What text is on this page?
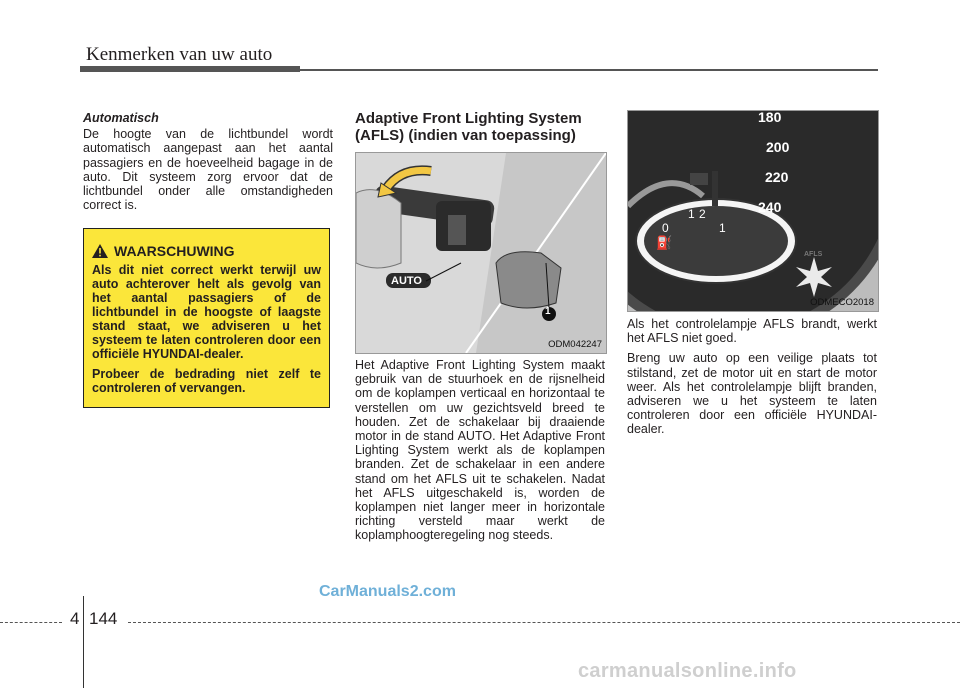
Kenmerken van uw auto

Automatisch

De hoogte van de lichtbundel wordt automatisch aangepast aan het aantal passagiers en de hoeveelheid bagage in de auto. Dit systeem zorg ervoor dat de lichtbundel onder alle omstandigheden correct is.

WAARSCHUWING

Als dit niet correct werkt terwijl uw auto achterover helt als gevolg van het aantal passagiers of de lichtbundel in de hoogste of laagste stand staat, we adviseren u het systeem te laten controleren door een officiële HYUNDAI-dealer.

Probeer de bedrading niet zelf te controleren of vervangen.

Adaptive Front Lighting System (AFLS) (indien van toepassing)
AUTO
1
ODM042247

Het Adaptive Front Lighting System maakt gebruik van de stuurhoek en de rijsnelheid om de koplampen verticaal en horizontaal te verstellen om uw gezichtsveld breed te houden. Zet de schakelaar bij draaiende motor in de stand AUTO. Het Adaptive Front Lighting System werkt als de koplampen branden. Zet de schakelaar in een andere stand om het AFLS uit te schakelen. Nadat het AFLS uitgeschakeld is, worden de koplampen niet langer meer in horizontale richting versteld maar werkt de koplamphoogteregeling nog steeds.

180
200
220
240
0
1 2
1
⛽
AFLS
ODMECO2018

Als het controlelampje AFLS brandt, werkt het AFLS niet goed.

Breng uw auto op een veilige plaats tot stilstand, zet de motor uit en start de motor weer. Als het controlelampje blijft branden, adviseren we u het systeem te laten controleren door een officiële HYUNDAI-dealer.

4 144
CarManuals2.com
carmanualsonline.info
